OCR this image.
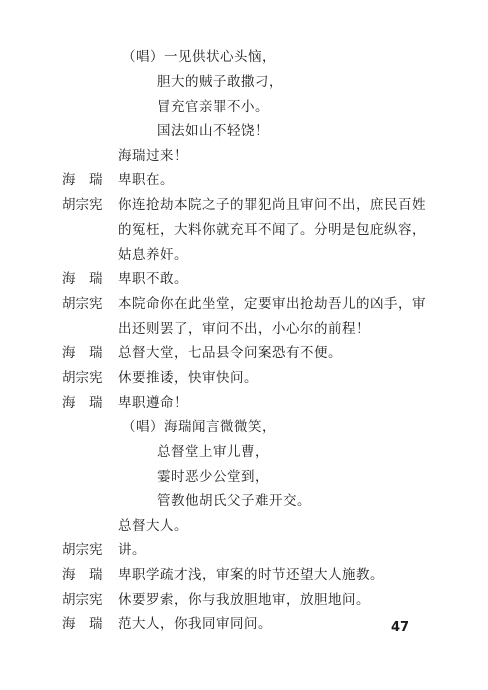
（唱）一见供状心头恼，
胆大的贼子敢撒刁，
冒充官亲罪不小。
国法如山不轻饶！
海瑞过来！
海　瑞 卑职在。
胡宗宪 你连抢劫本院之子的罪犯尚且审问不出，庶民百姓
的冤枉，大料你就充耳不闻了。分明是包庇纵容，
姑息养奸。
海　瑞 卑职不敢。
胡宗宪 本院命你在此坐堂，定要审出抢劫吾儿的凶手，审
出还则罢了，审问不出，小心尔的前程！
海　瑞 总督大堂，七品县令问案恐有不便。
胡宗宪 休要推诿，快审快问。
海　瑞 卑职遵命！
（唱）海瑞闻言微微笑，
总督堂上审儿曹，
霎时恶少公堂到，
管教他胡氏父子难开交。
总督大人。
胡宗宪 讲。
海　瑞 卑职学疏才浅，审案的时节还望大人施教。
胡宗宪 休要罗索，你与我放胆地审，放胆地问。
海　瑞 范大人，你我同审同问。	47
